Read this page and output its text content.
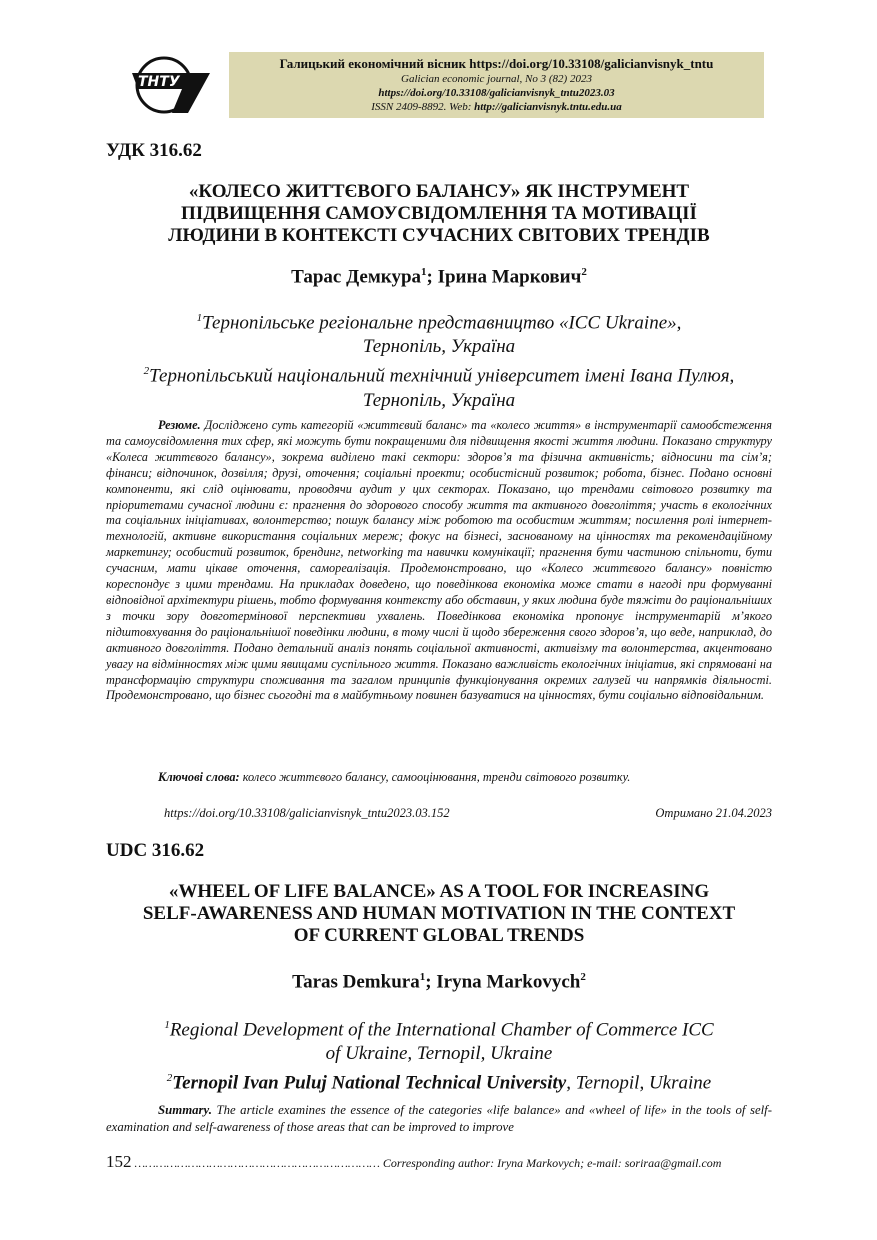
ТНТУ
Галицький економічний вісник https://doi.org/10.33108/galicianvisnyk_tntu
Galician economic journal, No 3 (82) 2023
https://doi.org/10.33108/galicianvisnyk_tntu2023.03
ISSN 2409-8892. Web: http://galicianvisnyk.tntu.edu.ua
УДК 316.62
«КОЛЕСО ЖИТТЄВОГО БАЛАНСУ» ЯК ІНСТРУМЕНТ
ПІДВИЩЕННЯ САМОУСВІДОМЛЕННЯ ТА МОТИВАЦІЇ
ЛЮДИНИ В КОНТЕКСТІ СУЧАСНИХ СВІТОВИХ ТРЕНДІВ
Тарас Демкура$^1$; Ірина Маркович$^2$
$^1$Тернопільське регіональне представництво «ICC Ukraine»,
Тернопіль, Україна
$^2$Тернопільський національний технічний університет імені Івана Пулюя,
Тернопіль, Україна
Резюме. Досліджено суть категорій «життєвий баланс» та «колесо життя» в інструментарії самообстеження та самоусвідомлення тих сфер, які можуть бути покращеними для підвищення якості життя людини. Показано структуру «Колеса життєвого балансу», зокрема виділено такі сектори: здоров’я та фізична активність; відносини та сім’я; фінанси; відпочинок, дозвілля; друзі, оточення; соціальні проекти; особистісний розвиток; робота, бізнес. Подано основні компоненти, які слід оцінювати, проводячи аудит у цих секторах. Показано, що трендами світового розвитку та пріоритетами сучасної людини є: прагнення до здорового способу життя та активного довголіття; участь в екологічних та соціальних ініціативах, волонтерство; пошук балансу між роботою та особистим життям; посилення ролі інтернет-технологій, активне використання соціальних мереж; фокус на бізнесі, заснованому на цінностях та рекомендаційному маркетингу; особистий розвиток, брендинг, networking та навички комунікації; прагнення бути частиною спільноти, бути сучасним, мати цікаве оточення, самореалізація. Продемонстровано, що «Колесо життєвого балансу» повністю кореспондує з цими трендами. На прикладах доведено, що поведінкова економіка може стати в нагоді при формуванні відповідної архітектури рішень, тобто формування контексту або обставин, у яких людина буде тяжіти до раціональніших з точки зору довготермінової перспективи ухвалень. Поведінкова економіка пропонує інструментарій м’якого підштовхування до раціональнішої поведінки людини, в тому числі й щодо збереження свого здоров’я, що веде, наприклад, до активного довголіття. Подано детальний аналіз понять соціальної активності, активізму та волонтерства, акцентовано увагу на відмінностях між цими явищами суспільного життя. Показано важливість екологічних ініціатив, які спрямовані на трансформацію структури споживання та загалом принципів функціонування окремих галузей чи напрямків діяльності. Продемонстровано, що бізнес сьогодні та в майбутньому повинен базуватися на цінностях, бути соціально відповідальним.
Ключові слова: колесо життєвого балансу, самооцінювання, тренди світового розвитку.
https://doi.org/10.33108/galicianvisnyk_tntu2023.03.152	Отримано 21.04.2023
UDC 316.62
«WHEEL OF LIFE BALANCE» AS A TOOL FOR INCREASING
SELF-AWARENESS AND HUMAN MOTIVATION IN THE CONTEXT
OF CURRENT GLOBAL TRENDS
Taras Demkura$^1$; Iryna Markovych$^2$
$^1$Regional Development of the International Chamber of Commerce ICC
of Ukraine, Ternopil, Ukraine
$^2$Ternopil Ivan Puluj National Technical University, Ternopil, Ukraine
Summary. The article examines the essence of the categories «life balance» and «wheel of life» in the tools of self-examination and self-awareness of those areas that can be improved to improve
152 …………………………………………………………… Corresponding author: Iryna Markovych; e-mail: soriraa@gmail.com
